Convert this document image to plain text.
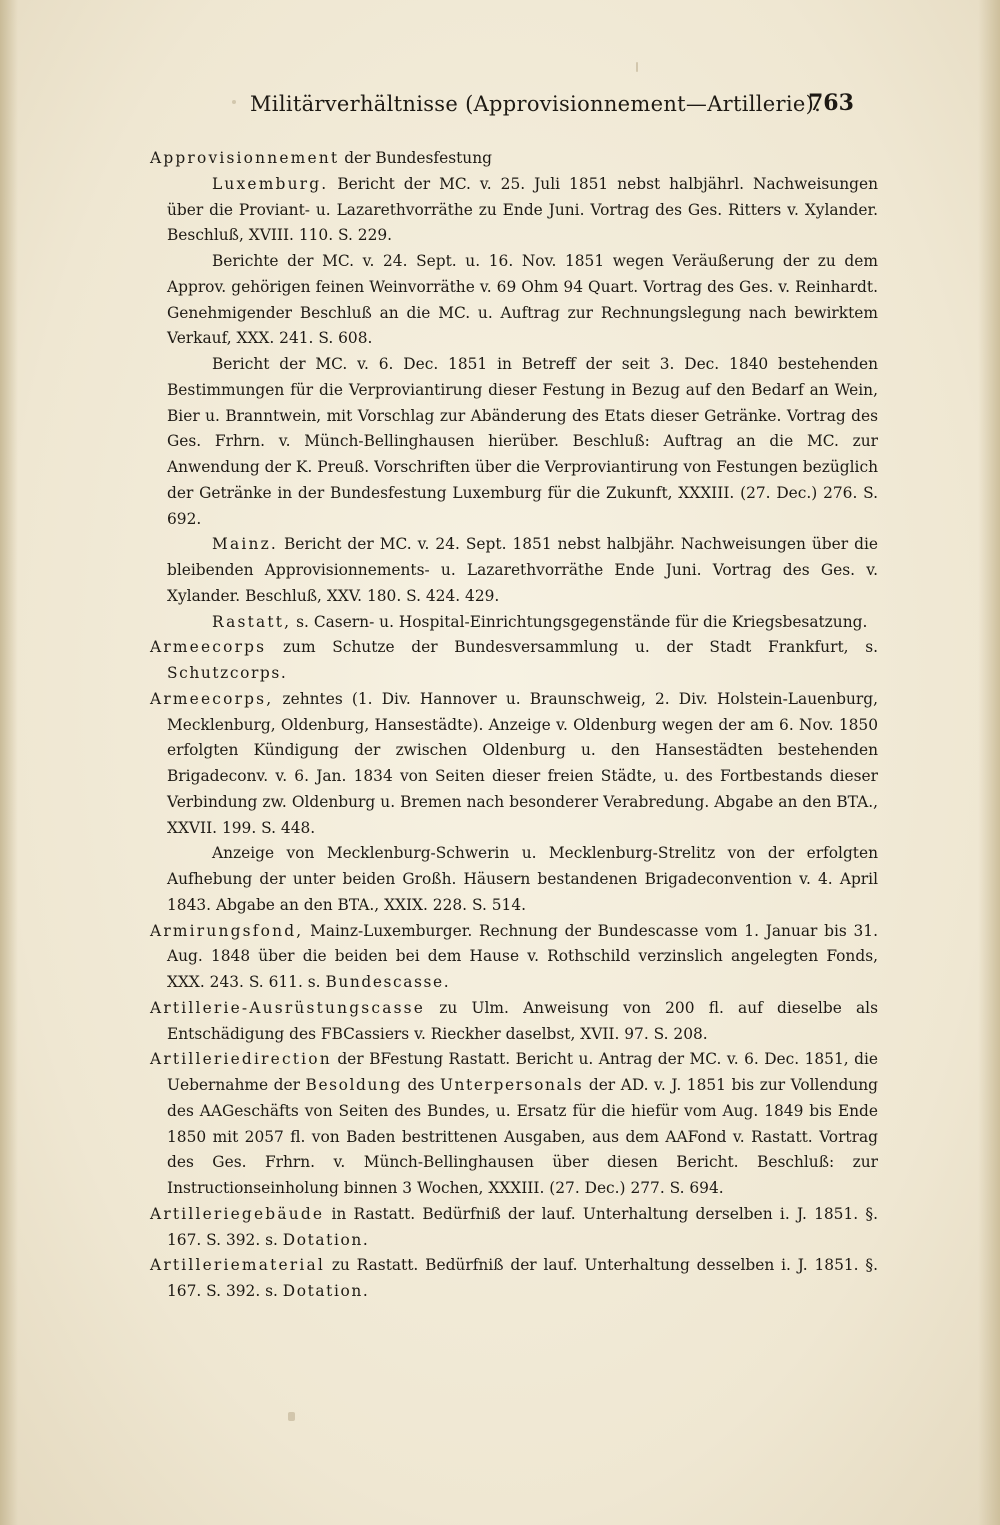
Militärverhältnisse (Approvisionnement—Artillerie).
763

Approvisionnement der Bundesfestung

Luxemburg. Bericht der MC. v. 25. Juli 1851 nebst halbjährl. Nachweisungen über die Proviant- u. Lazarethvorräthe zu Ende Juni. Vortrag des Ges. Ritters v. Xylander. Beschluß, XVIII. 110. S. 229.

Berichte der MC. v. 24. Sept. u. 16. Nov. 1851 wegen Veräußerung der zu dem Approv. gehörigen feinen Weinvorräthe v. 69 Ohm 94 Quart. Vortrag des Ges. v. Reinhardt. Genehmigender Beschluß an die MC. u. Auftrag zur Rechnungslegung nach bewirktem Verkauf, XXX. 241. S. 608.

Bericht der MC. v. 6. Dec. 1851 in Betreff der seit 3. Dec. 1840 bestehenden Bestimmungen für die Verproviantirung dieser Festung in Bezug auf den Bedarf an Wein, Bier u. Branntwein, mit Vorschlag zur Abänderung des Etats dieser Getränke. Vortrag des Ges. Frhrn. v. Münch-Bellinghausen hierüber. Beschluß: Auftrag an die MC. zur Anwendung der K. Preuß. Vorschriften über die Verproviantirung von Festungen bezüglich der Getränke in der Bundesfestung Luxemburg für die Zukunft, XXXIII. (27. Dec.) 276. S. 692.

Mainz. Bericht der MC. v. 24. Sept. 1851 nebst halbjähr. Nachweisungen über die bleibenden Approvisionnements- u. Lazarethvorräthe Ende Juni. Vortrag des Ges. v. Xylander. Beschluß, XXV. 180. S. 424. 429.

Rastatt, s. Casern- u. Hospital-Einrichtungsgegenstände für die Kriegsbesatzung.

Armeecorps zum Schutze der Bundesversammlung u. der Stadt Frankfurt, s. Schutzcorps.

Armeecorps, zehntes (1. Div. Hannover u. Braunschweig, 2. Div. Holstein-Lauenburg, Mecklenburg, Oldenburg, Hansestädte). Anzeige v. Oldenburg wegen der am 6. Nov. 1850 erfolgten Kündigung der zwischen Oldenburg u. den Hansestädten bestehenden Brigadeconv. v. 6. Jan. 1834 von Seiten dieser freien Städte, u. des Fortbestands dieser Verbindung zw. Oldenburg u. Bremen nach besonderer Verabredung. Abgabe an den BTA., XXVII. 199. S. 448.

Anzeige von Mecklenburg-Schwerin u. Mecklenburg-Strelitz von der erfolgten Aufhebung der unter beiden Großh. Häusern bestandenen Brigadeconvention v. 4. April 1843. Abgabe an den BTA., XXIX. 228. S. 514.

Armirungsfond, Mainz-Luxemburger. Rechnung der Bundescasse vom 1. Januar bis 31. Aug. 1848 über die beiden bei dem Hause v. Rothschild verzinslich angelegten Fonds, XXX. 243. S. 611. s. Bundescasse.

Artillerie-Ausrüstungscasse zu Ulm. Anweisung von 200 fl. auf dieselbe als Entschädigung des FBCassiers v. Rieckher daselbst, XVII. 97. S. 208.

Artilleriedirection der BFestung Rastatt. Bericht u. Antrag der MC. v. 6. Dec. 1851, die Uebernahme der Besoldung des Unterpersonals der AD. v. J. 1851 bis zur Vollendung des AAGeschäfts von Seiten des Bundes, u. Ersatz für die hiefür vom Aug. 1849 bis Ende 1850 mit 2057 fl. von Baden bestrittenen Ausgaben, aus dem AAFond v. Rastatt. Vortrag des Ges. Frhrn. v. Münch-Bellinghausen über diesen Bericht. Beschluß: zur Instructionseinholung binnen 3 Wochen, XXXIII. (27. Dec.) 277. S. 694.

Artilleriegebäude in Rastatt. Bedürfniß der lauf. Unterhaltung derselben i. J. 1851. §. 167. S. 392. s. Dotation.

Artilleriematerial zu Rastatt. Bedürfniß der lauf. Unterhaltung desselben i. J. 1851. §. 167. S. 392. s. Dotation.
